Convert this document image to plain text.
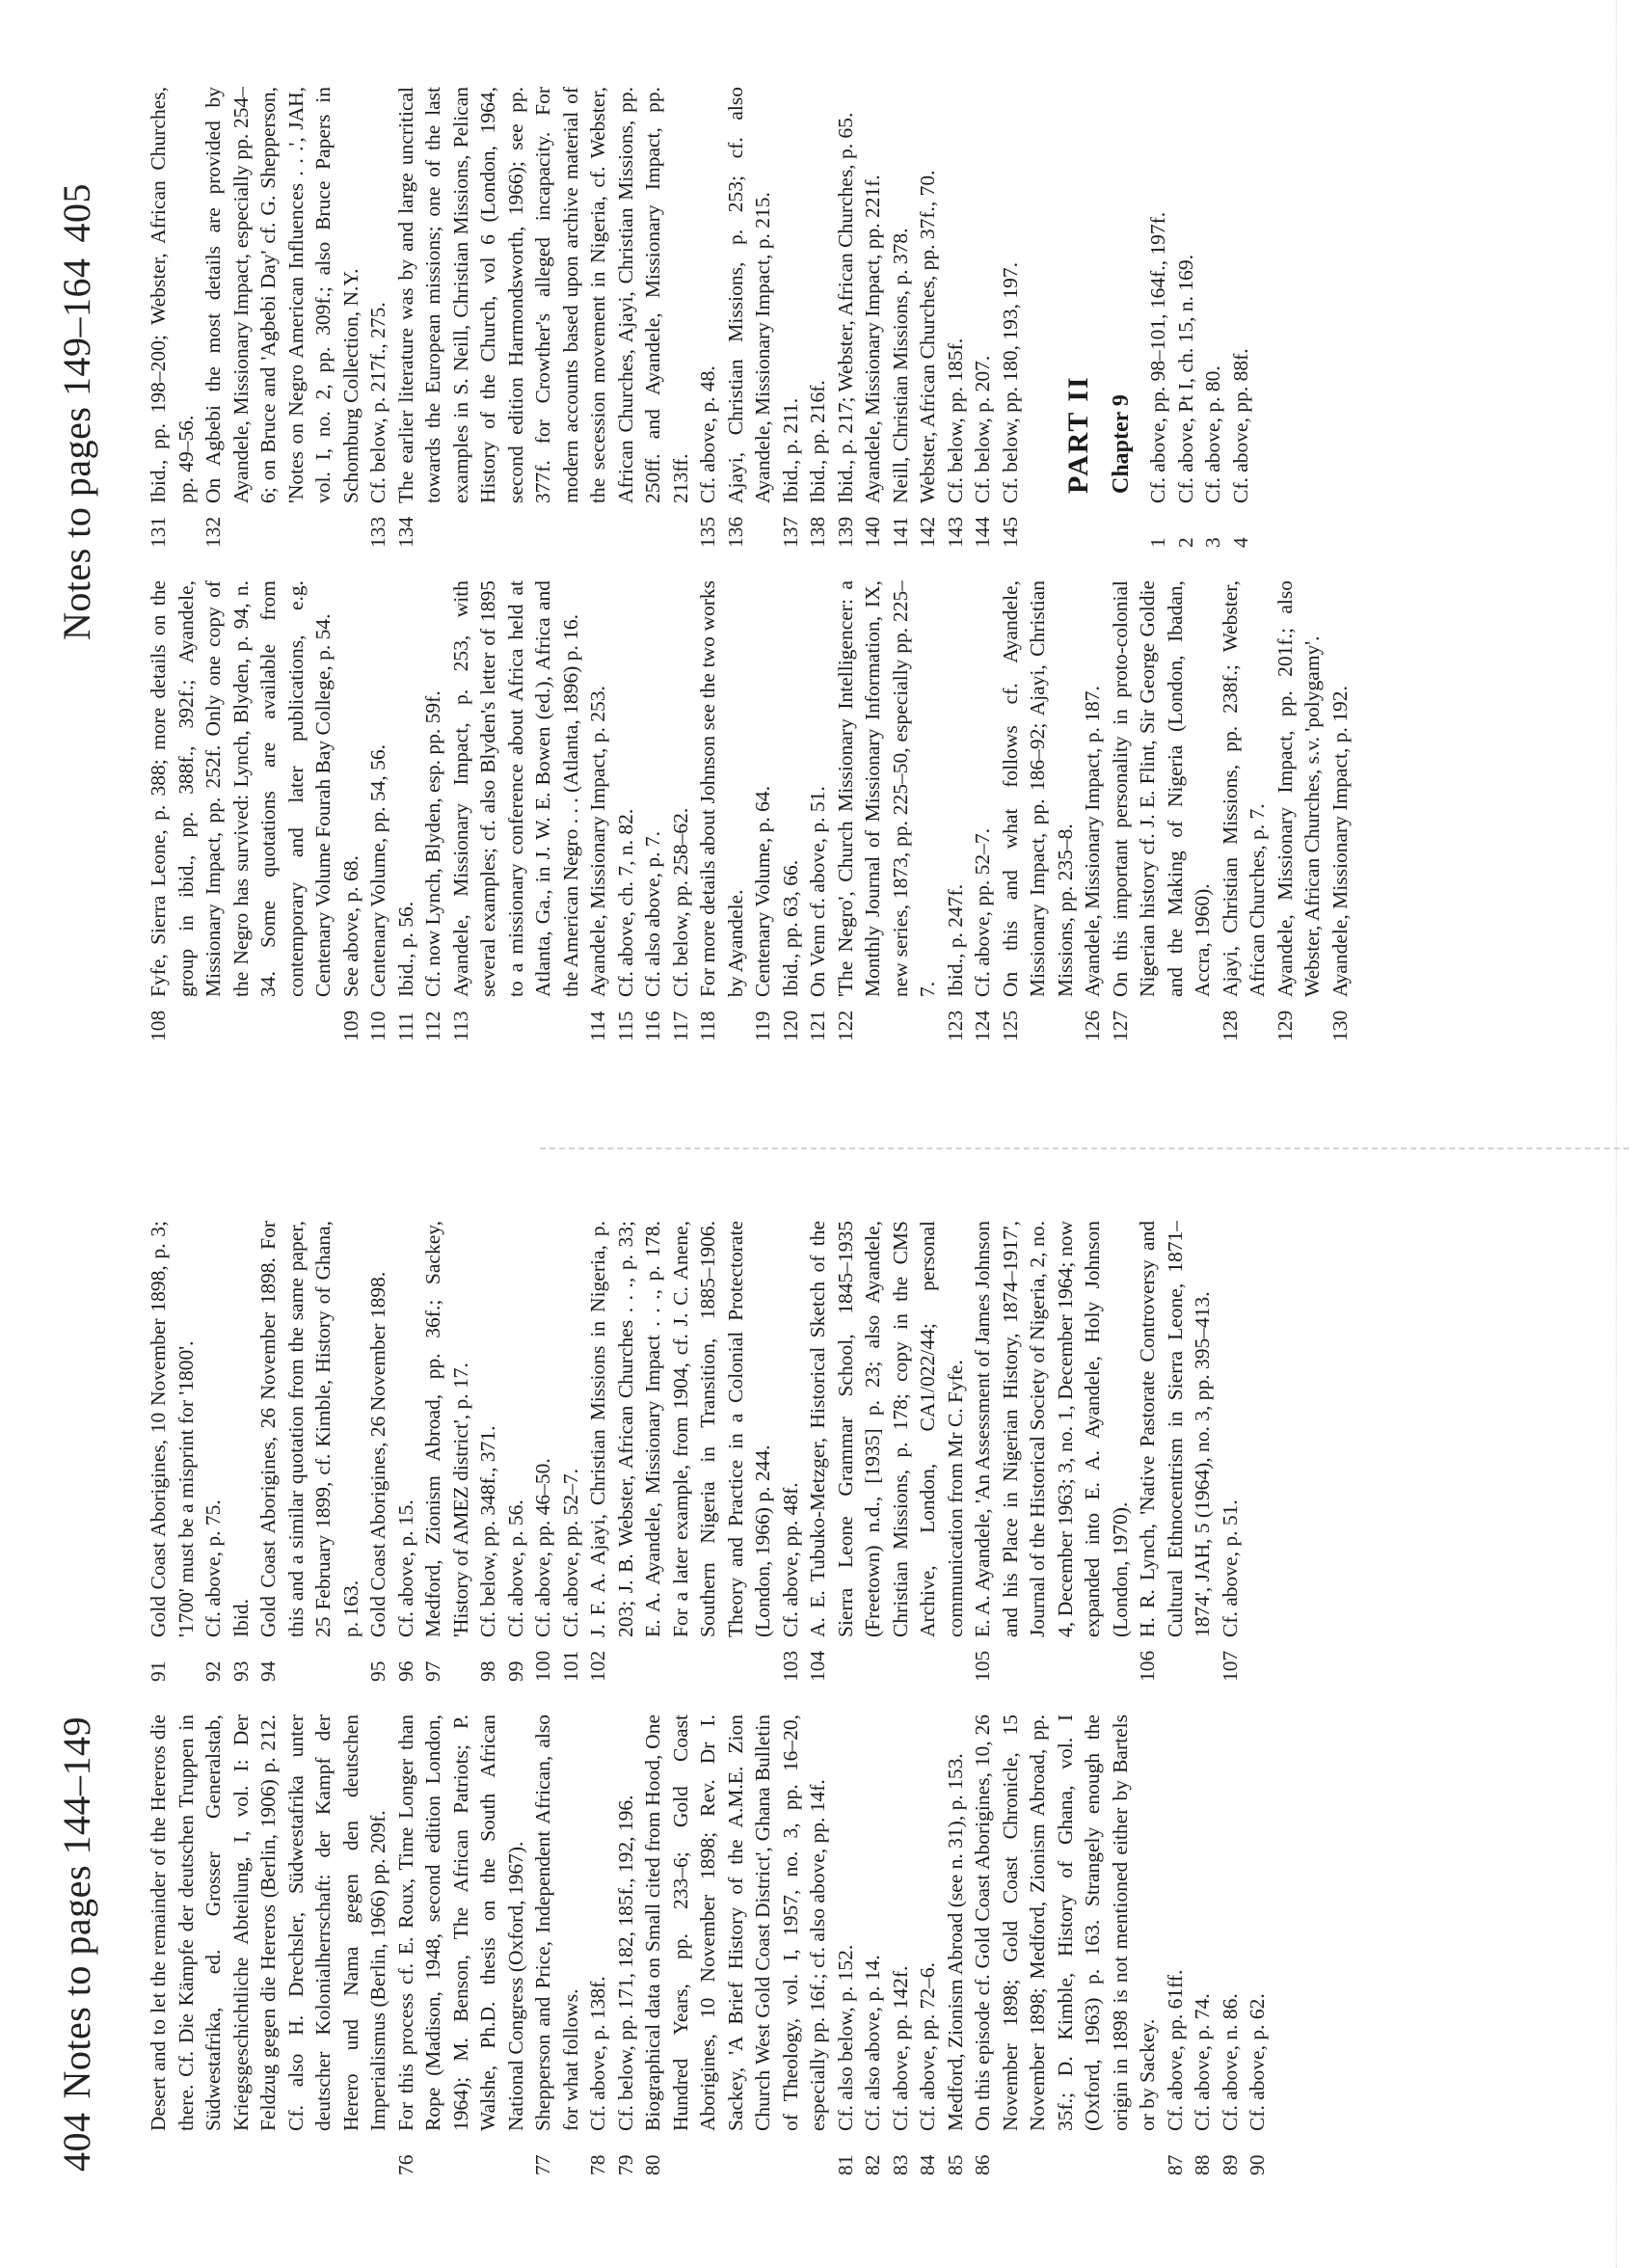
404Notes to pages 144–149 Desert and to let the remainder of the Hereros die there. Cf. Die Kämpfe der deutschen Truppen in Südwestafrika, ed. Grosser Generalstab, Kriegsgeschichtliche Abteilung, I, vol. I: Der Feldzug gegen die Hereros (Berlin, 1906) p. 212. Cf. also H. Drechsler, Südwestafrika unter deutscher Kolonialherrschaft: der Kampf der Herero und Nama gegen den deutschen Imperialismus (Berlin, 1966) pp. 209f.
76
For this process cf. E. Roux, Time Longer than Rope (Madison, 1948, second edition London, 1964); M. Benson, The African Patriots; P. Walshe, Ph.D. thesis on the South African National Congress (Oxford, 1967).
77
Shepperson and Price, Independent African, also for what follows.
78
Cf. above, p. 138f.
79
Cf. below, pp. 171, 182, 185f., 192, 196.
80
Biographical data on Small cited from Hood, One Hundred Years, pp. 233–6; Gold Coast Aborigines, 10 November 1898; Rev. Dr I. Sackey, 'A Brief History of the A.M.E. Zion Church West Gold Coast District', Ghana Bulletin of Theology, vol. I, 1957, no. 3, pp. 16–20, especially pp. 16f.; cf. also above, pp. 14f.
81
Cf. also below, p. 152.
82
Cf. also above, p. 14.
83
Cf. above, pp. 142f.
84
Cf. above, pp. 72–6.
85
Medford, Zionism Abroad (see n. 31), p. 153.
86
On this episode cf. Gold Coast Aborigines, 10, 26 November 1898; Gold Coast Chronicle, 15 November 1898; Medford, Zionism Abroad, pp. 35f.; D. Kimble, History of Ghana, vol. I (Oxford, 1963) p. 163. Strangely enough the origin in 1898 is not mentioned either by Bartels or by Sackey.
87
Cf. above, pp. 61ff.
88
Cf. above, p. 74.
89
Cf. above, n. 86.
90
Cf. above, p. 62.
91
Gold Coast Aborigines, 10 November 1898, p. 3; '1700' must be a misprint for '1800'.
92
Cf. above, p. 75.
93
Ibid.
94
Gold Coast Aborigines, 26 November 1898. For this and a similar quotation from the same paper, 25 February 1899, cf. Kimble, History of Ghana, p. 163.
95
Gold Coast Aborigines, 26 November 1898.
96
Cf. above, p. 15.
97
Medford, Zionism Abroad, pp. 36f.; Sackey, 'History of AMEZ district', p. 17.
98
Cf. below, pp. 348f., 371.
99
Cf. above, p. 56.
100
Cf. above, pp. 46–50.
101
Cf. above, pp. 52–7.
102
J. F. A. Ajayi, Christian Missions in Nigeria, p. 203; J. B. Webster, African Churches . . ., p. 33; E. A. Ayandele, Missionary Impact . . ., p. 178. For a later example, from 1904, cf. J. C. Anene, Southern Nigeria in Transition, 1885–1906. Theory and Practice in a Colonial Protectorate (London, 1966) p. 244.
103
Cf. above, pp. 48f.
104
A. E. Tubuko-Metzger, Historical Sketch of the Sierra Leone Grammar School, 1845–1935 (Freetown) n.d., [1935] p. 23; also Ayandele, Christian Missions, p. 178; copy in the CMS Archive, London, CA1/022/44; personal communication from Mr C. Fyfe.
105
E. A. Ayandele, 'An Assessment of James Johnson and his Place in Nigerian History, 1874–1917', Journal of the Historical Society of Nigeria, 2, no. 4, December 1963; 3, no. 1, December 1964; now expanded into E. A. Ayandele, Holy Johnson (London, 1970).
106
H. R. Lynch, 'Native Pastorate Controversy and Cultural Ethnocentrism in Sierra Leone, 1871–1874', JAH, 5 (1964), no. 3, pp. 395–413.
107
Cf. above, p. 51.
Notes to pages 149–164405
108
Fyfe, Sierra Leone, p. 388; more details on the group in ibid., pp. 388f., 392f.; Ayandele, Missionary Impact, pp. 252f. Only one copy of the Negro has survived: Lynch, Blyden, p. 94, n. 34. Some quotations are available from contemporary and later publications, e.g. Centenary Volume Fourah Bay College, p. 54.
109
See above, p. 68.
110
Centenary Volume, pp. 54, 56.
111
Ibid., p. 56.
112
Cf. now Lynch, Blyden, esp. pp. 59f.
113
Ayandele, Missionary Impact, p. 253, with several examples; cf. also Blyden's letter of 1895 to a missionary conference about Africa held at Atlanta, Ga., in J. W. E. Bowen (ed.), Africa and the American Negro . . . (Atlanta, 1896) p. 16.
114
Ayandele, Missionary Impact, p. 253.
115
Cf. above, ch. 7, n. 82.
116
Cf. also above, p. 7.
117
Cf. below, pp. 258–62.
118
For more details about Johnson see the two works by Ayandele.
119
Centenary Volume, p. 64.
120
Ibid., pp. 63, 66.
121
On Venn cf. above, p. 51.
122
'The Negro', Church Missionary Intelligencer: a Monthly Journal of Missionary Information, IX, new series, 1873, pp. 225–50, especially pp. 225–7.
123
Ibid., p. 247f.
124
Cf. above, pp. 52–7.
125
On this and what follows cf. Ayandele, Missionary Impact, pp. 186–92; Ajayi, Christian Missions, pp. 235–8.
126
Ayandele, Missionary Impact, p. 187.
127
On this important personality in proto-colonial Nigerian history cf. J. E. Flint, Sir George Goldie and the Making of Nigeria (London, Ibadan, Accra, 1960).
128
Ajayi, Christian Missions, pp. 238f.; Webster, African Churches, p. 7.
129
Ayandele, Missionary Impact, pp. 201f.; also Webster, African Churches, s.v. 'polygamy'.
130
Ayandele, Missionary Impact, p. 192.
131
Ibid., pp. 198–200; Webster, African Churches, pp. 49–56.
132
On Agbebi the most details are provided by Ayandele, Missionary Impact, especially pp. 254–6; on Bruce and 'Agbebi Day' cf. G. Shepperson, 'Notes on Negro American Influences . . .', JAH, vol. I, no. 2, pp. 309f.; also Bruce Papers in Schomburg Collection, N.Y.
133
Cf. below, p. 217f., 275.
134
The earlier literature was by and large uncritical towards the European missions; one of the last examples in S. Neill, Christian Missions, Pelican History of the Church, vol 6 (London, 1964, second edition Harmondsworth, 1966); see pp. 377f. for Crowther's alleged incapacity. For modern accounts based upon archive material of the secession movement in Nigeria, cf. Webster, African Churches, Ajayi, Christian Missions, pp. 250ff. and Ayandele, Missionary Impact, pp. 213ff.
135
Cf. above, p. 48.
136
Ajayi, Christian Missions, p. 253; cf. also Ayandele, Missionary Impact, p. 215.
137
Ibid., p. 211.
138
Ibid., pp. 216f.
139
Ibid., p. 217; Webster, African Churches, p. 65.
140
Ayandele, Missionary Impact, pp. 221f.
141
Neill, Christian Missions, p. 378.
142
Webster, African Churches, pp. 37f., 70.
143
Cf. below, pp. 185f.
144
Cf. below, p. 207.
145
Cf. below, pp. 180, 193, 197. PART II Chapter 9
1
Cf. above, pp. 98–101, 164f., 197f.
2
Cf. above, Pt I, ch. 15, n. 169.
3
Cf. above, p. 80.
4
Cf. above, pp. 88f.
